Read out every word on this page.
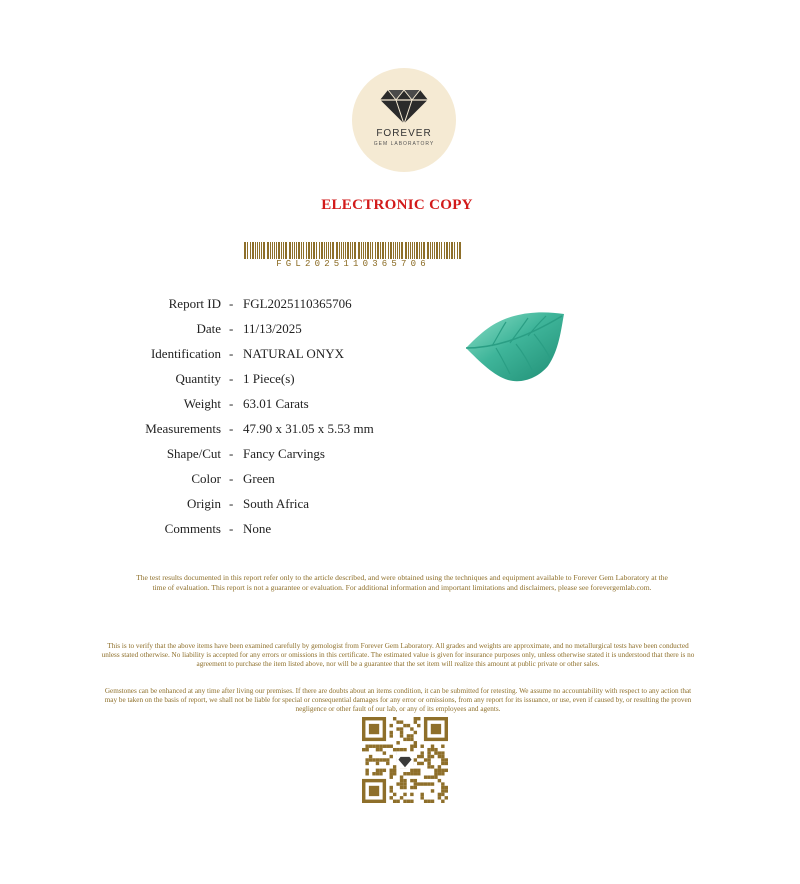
FOREVER
GEM LABORATORY
ELECTRONIC COPY
FGL2025110365706
Report ID - FGL2025110365706
Date - 11/13/2025
Identification - NATURAL ONYX
Quantity - 1 Piece(s)
Weight - 63.01 Carats
Measurements - 47.90 x 31.05 x 5.53 mm
Shape/Cut - Fancy Carvings
Color - Green
Origin - South Africa
Comments - None
The test results documented in this report refer only to the article described, and were obtained using the techniques and equipment available to Forever Gem Laboratory at the time of evaluation. This report is not a guarantee or evaluation. For additional information and important limitations and disclaimers, please see forevergemlab.com.
This is to verify that the above items have been examined carefully by gemologist from Forever Gem Laboratory. All grades and weights are approximate, and no metallurgical tests have been conducted unless stated otherwise. No liability is accepted for any errors or omissions in this certificate. The estimated value is given for insurance purposes only, unless otherwise stated it is understood that there is no agreement to purchase the item listed above, nor will be a guarantee that the set item will realize this amount at public private or other sales.
Gemstones can be enhanced at any time after living our premises. If there are doubts about an items condition, it can be submitted for retesting. We assume no accountability with respect to any action that may be taken on the basis of report, we shall not be liable for special or consequential damages for any error or omissions, from any report for its issuance, or use, even if caused by, or resulting the proven negligence or other fault of our lab, or any of its employees and agents.
